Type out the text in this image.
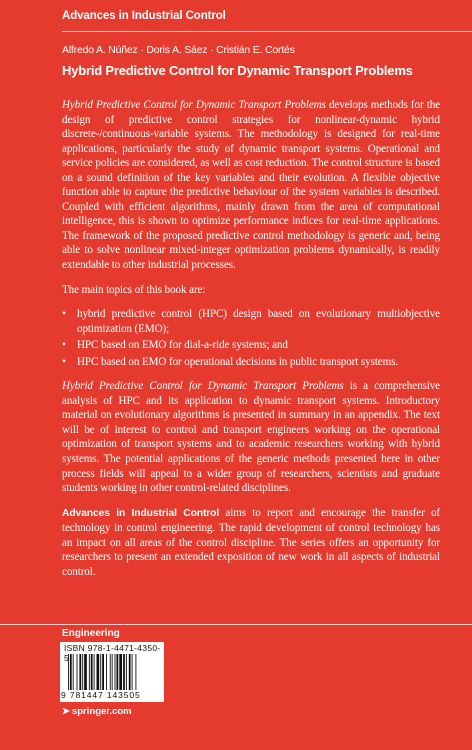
Advances in Industrial Control
Alfredo A. Núñez · Doris A. Sáez · Cristián E. Cortés
Hybrid Predictive Control for Dynamic Transport Problems

Hybrid Predictive Control for Dynamic Transport Problems develops methods for the design of predictive control strategies for nonlinear-dynamic hybrid discrete-/continuous-variable systems. The methodology is designed for real-time applications, particularly the study of dynamic transport systems. Operational and service policies are considered, as well as cost reduction. The control structure is based on a sound definition of the key variables and their evolution. A flexible objective function able to capture the predictive behaviour of the system variables is described. Coupled with efficient algorithms, mainly drawn from the area of computational intelligence, this is shown to optimize performance indices for real-time applications. The framework of the proposed predictive control methodology is generic and, being able to solve nonlinear mixed-integer optimization problems dynamically, is readily extendable to other industrial processes.

The main topics of this book are:

• hybrid predictive control (HPC) design based on evolutionary multiobjective optimization (EMO);
• HPC based on EMO for dial-a-ride systems; and
• HPC based on EMO for operational decisions in public transport systems.

Hybrid Predictive Control for Dynamic Transport Problems is a comprehensive analysis of HPC and its application to dynamic transport systems. Introductory material on evolutionary algorithms is presented in summary in an appendix. The text will be of interest to control and transport engineers working on the operational optimization of transport systems and to academic researchers working with hybrid systems. The potential applications of the generic methods presented here in other process fields will appeal to a wider group of researchers, scientists and graduate students working in other control-related disciplines.

Advances in Industrial Control aims to report and encourage the transfer of technology in control engineering. The rapid development of control technology has an impact on all areas of the control discipline. The series offers an opportunity for researchers to present an extended exposition of new work in all aspects of industrial control.

Engineering
ISBN 978-1-4471-4350-5
9 781447 143505
➤ springer.com
